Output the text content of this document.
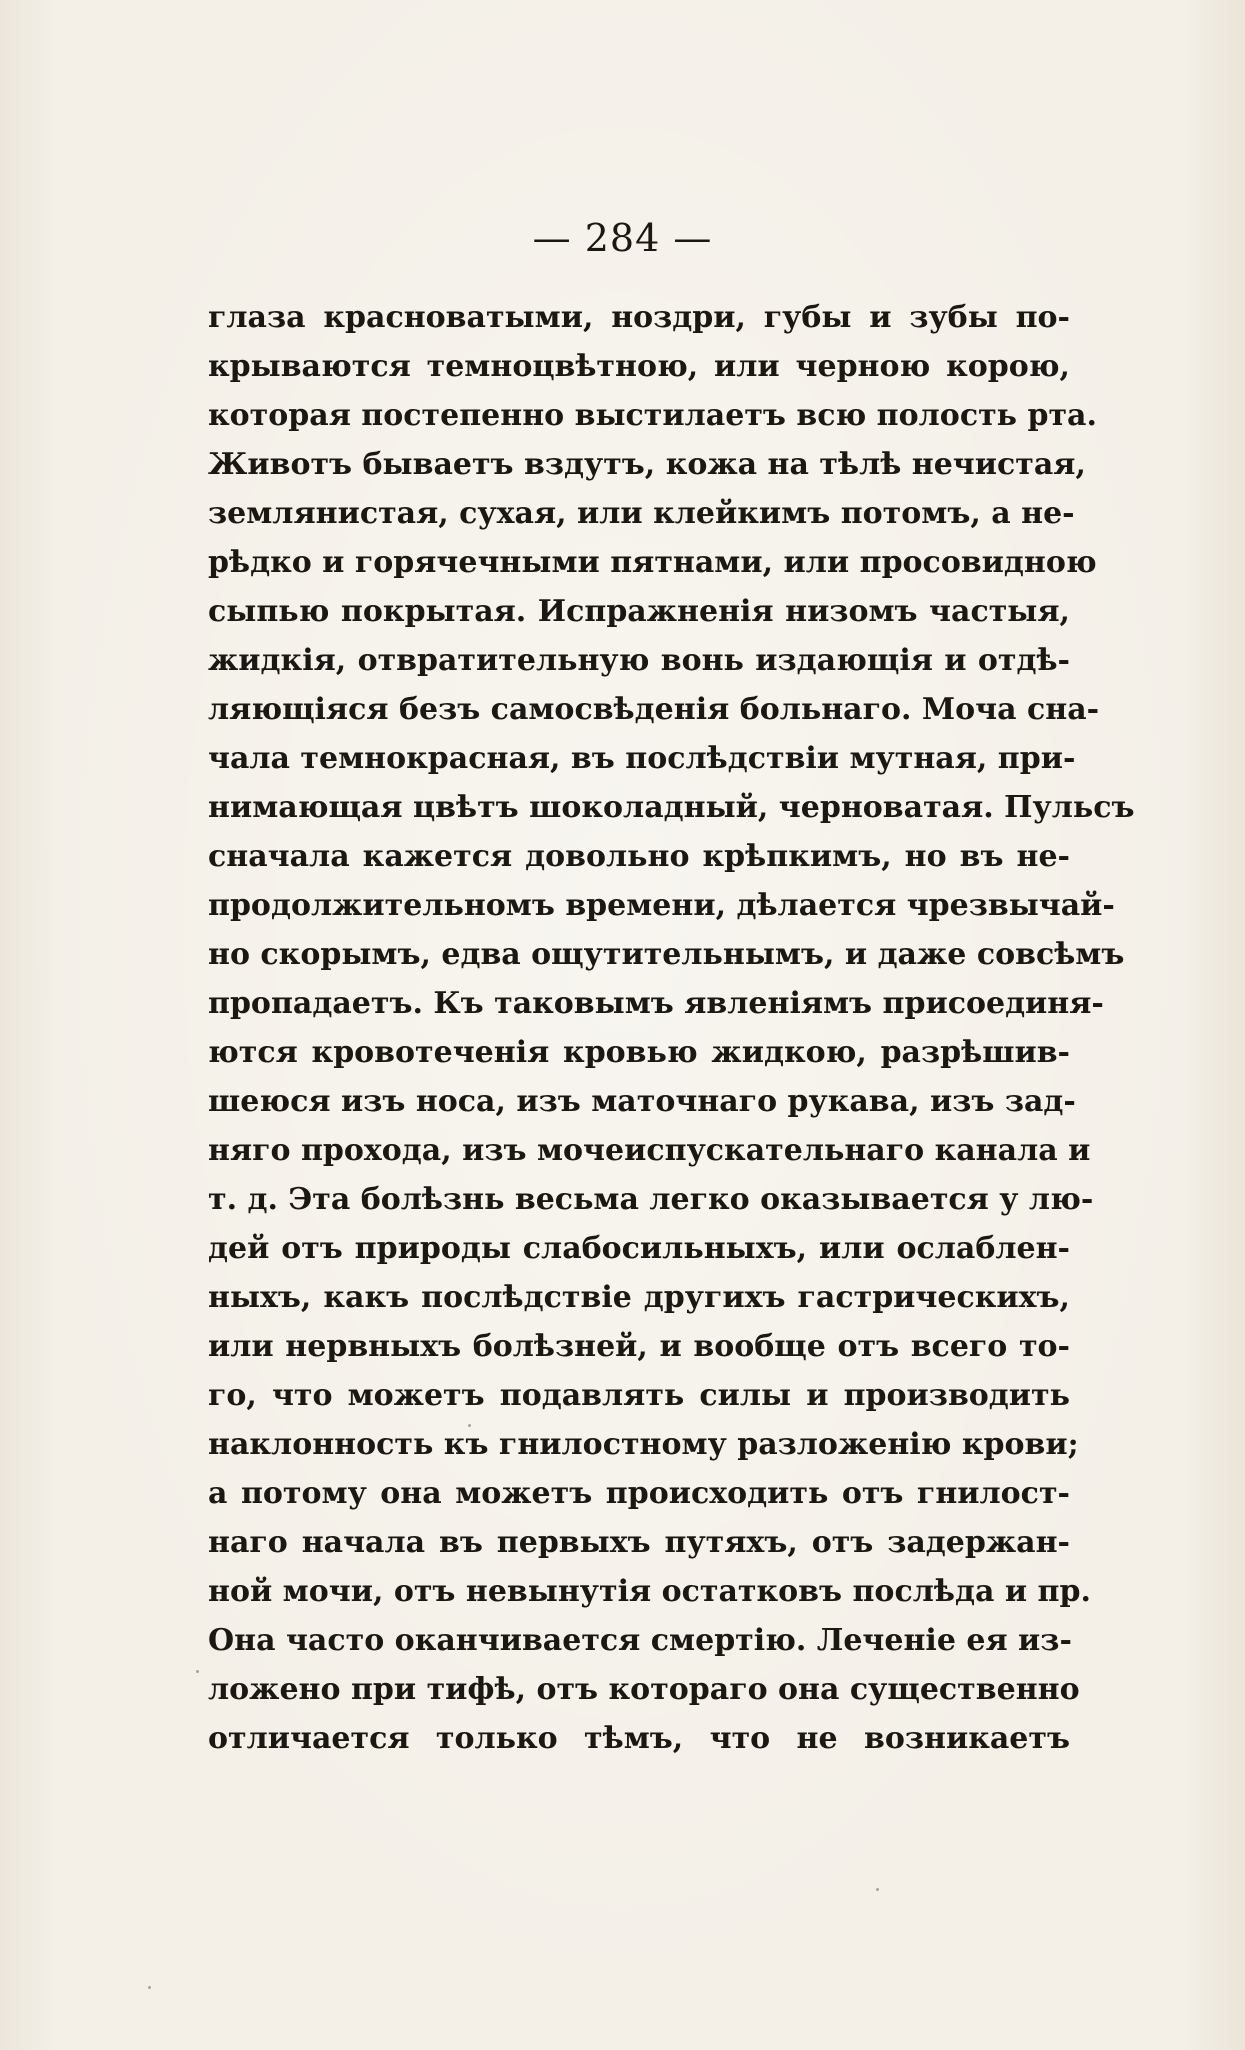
— 284 —
глаза красноватыми, ноздри, губы и зубы по-
крываются темноцвѣтною, или черною корою,
которая постепенно выстилаетъ всю полость рта.
Животъ бываетъ вздутъ, кожа на тѣлѣ нечистая,
землянистая, сухая, или клейкимъ потомъ, а не-
рѣдко и горячечными пятнами, или просовидною
сыпью покрытая. Испражненія низомъ частыя,
жидкія, отвратительную вонь издающія и отдѣ-
ляющіяся безъ самосвѣденія больнаго. Моча сна-
чала темнокрасная, въ послѣдствіи мутная, при-
нимающая цвѣтъ шоколадный, черноватая. Пульсъ
сначала кажется довольно крѣпкимъ, но въ не-
продолжительномъ времени, дѣлается чрезвычай-
но скорымъ, едва ощутительнымъ, и даже совсѣмъ
пропадаетъ. Къ таковымъ явленіямъ присоединя-
ются кровотеченія кровью жидкою, разрѣшив-
шеюся изъ носа, изъ маточнаго рукава, изъ зад-
няго прохода, изъ мочеиспускательнаго канала и
т. д. Эта болѣзнь весьма легко оказывается у лю-
дей отъ природы слабосильныхъ, или ослаблен-
ныхъ, какъ послѣдствіе другихъ гастрическихъ,
или нервныхъ болѣзней, и вообще отъ всего то-
го, что можетъ подавлять силы и производить
наклонность къ гнилостному разложенію крови;
а потому она можетъ происходить отъ гнилост-
наго начала въ первыхъ путяхъ, отъ задержан-
ной мочи, отъ невынутія остатковъ послѣда и пр.
Она часто оканчивается смертію. Леченіе ея из-
ложено при тифѣ, отъ котораго она существенно
отличается только тѣмъ, что не возникаетъ
